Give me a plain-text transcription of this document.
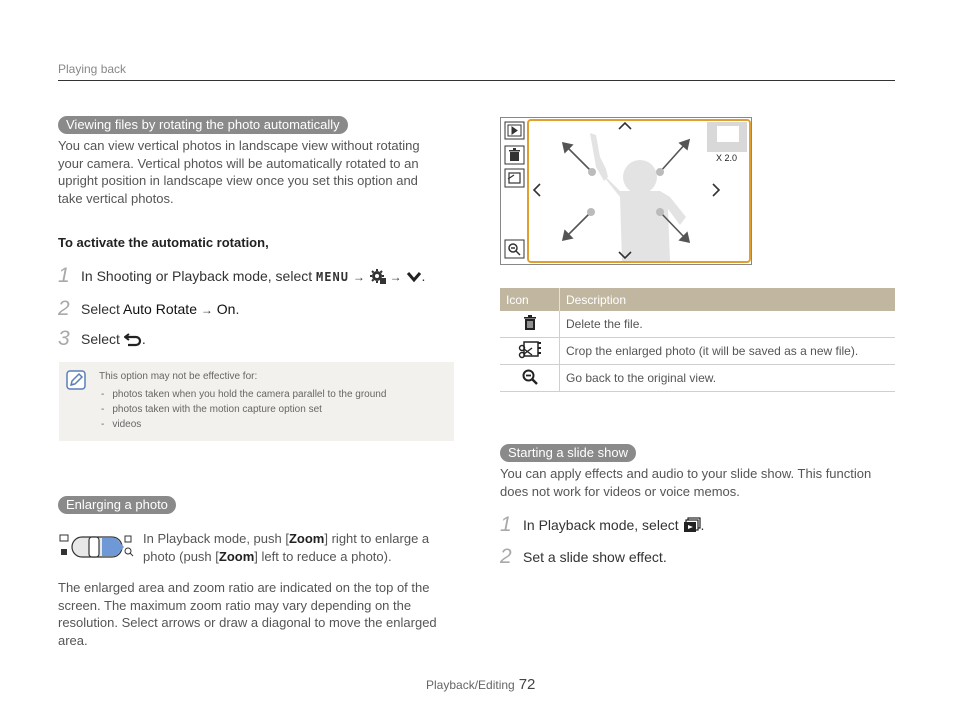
Playing back
Viewing files by rotating the photo automatically
You can view vertical photos in landscape view without rotating
your camera. Vertical photos will be automatically rotated to an
upright position in landscape view once you set this option and
take vertical photos.
To activate the automatic rotation,
1 In Shooting or Playback mode, select MENU → → .
2 Select Auto Rotate → On.
3 Select .
This option may not be effective for:
- photos taken when you hold the camera parallel to the ground
- photos taken with the motion capture option set
- videos
Enlarging a photo
In Playback mode, push [Zoom] right to enlarge a
photo (push [Zoom] left to reduce a photo).
The enlarged area and zoom ratio are indicated on the top of the
screen. The maximum zoom ratio may vary depending on the
resolution. Select arrows or draw a diagonal to move the enlarged
area.
X 2.0
Icon	Description
	Delete the file.
	Crop the enlarged photo (it will be saved as a new file).
	Go back to the original view.
Starting a slide show
You can apply effects and audio to your slide show. This function
does not work for videos or voice memos.
1 In Playback mode, select .
2 Set a slide show effect.
Playback/Editing 72
